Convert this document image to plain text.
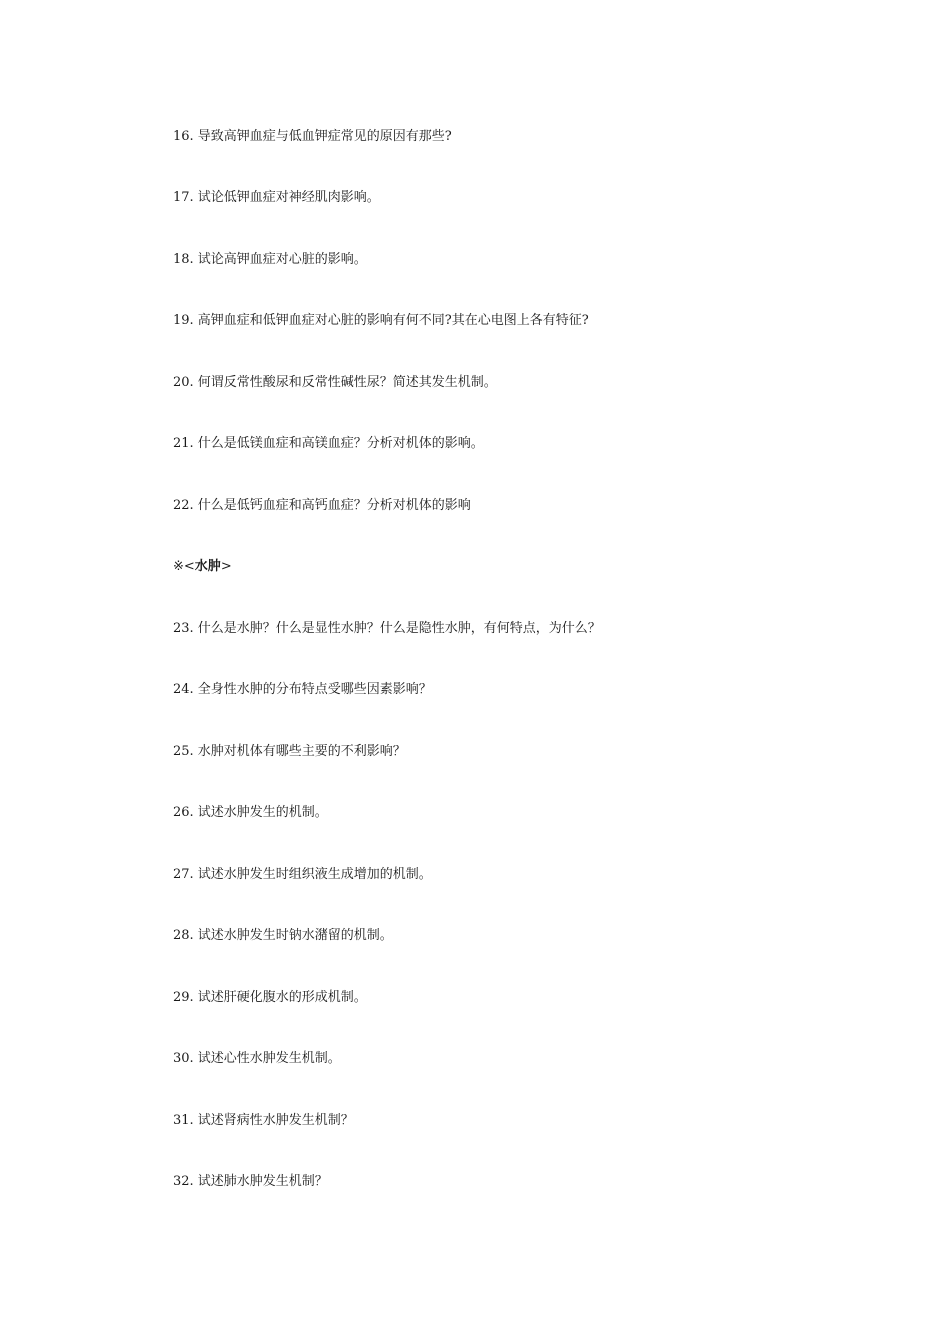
16. 导致高钾血症与低血钾症常见的原因有那些?
17. 试论低钾血症对神经肌肉影响。
18. 试论高钾血症对心脏的影响。
19. 高钾血症和低钾血症对心脏的影响有何不同?其在心电图上各有特征?
20. 何谓反常性酸尿和反常性碱性尿？简述其发生机制。
21. 什么是低镁血症和高镁血症？分析对机体的影响。
22. 什么是低钙血症和高钙血症？分析对机体的影响
※<水肿>
23. 什么是水肿？什么是显性水肿？什么是隐性水肿，有何特点，为什么？
24. 全身性水肿的分布特点受哪些因素影响？
25. 水肿对机体有哪些主要的不利影响？
26. 试述水肿发生的机制。
27. 试述水肿发生时组织液生成增加的机制。
28. 试述水肿发生时钠水潴留的机制。
29. 试述肝硬化腹水的形成机制。
30. 试述心性水肿发生机制。
31. 试述肾病性水肿发生机制？
32. 试述肺水肿发生机制？
